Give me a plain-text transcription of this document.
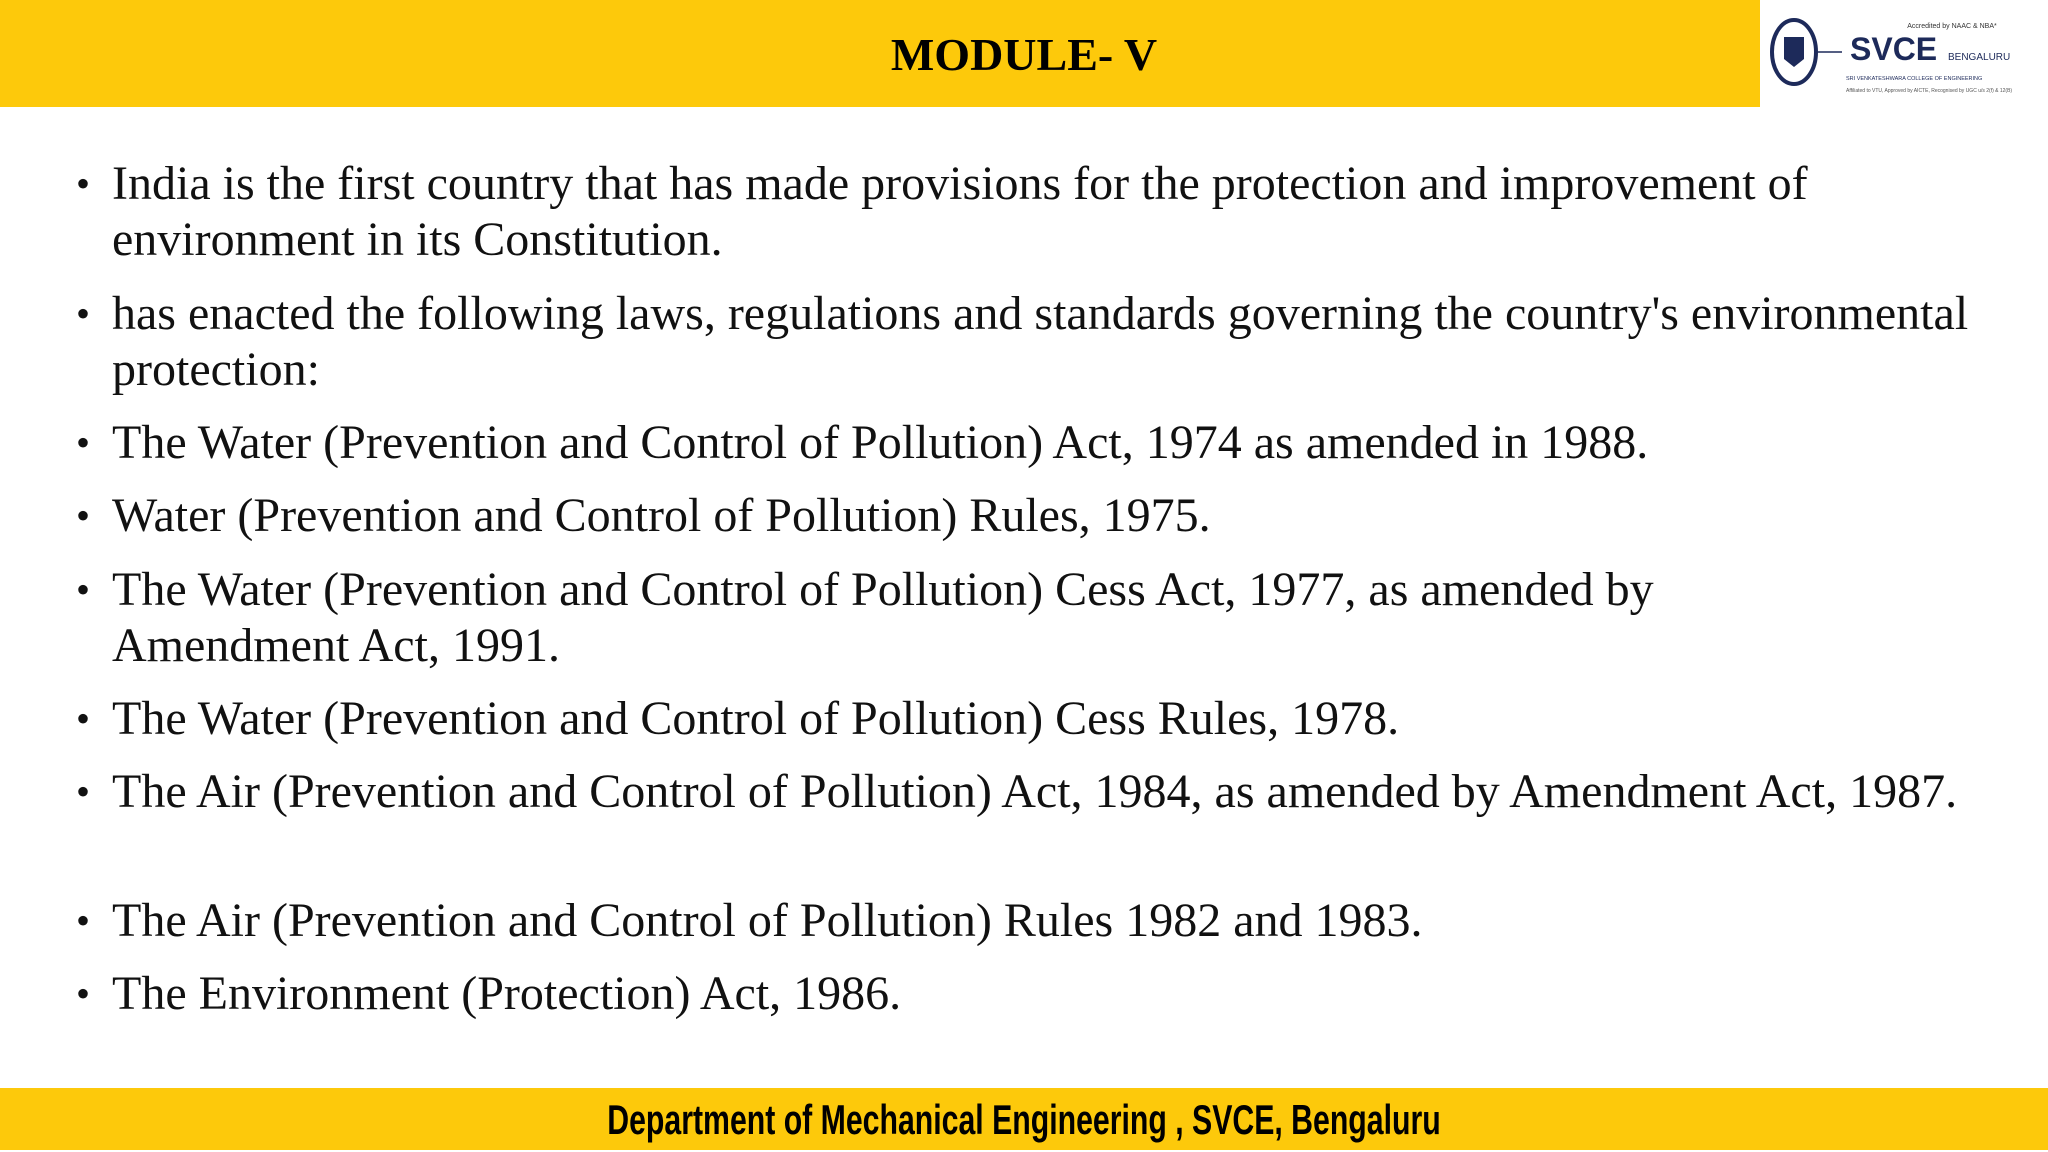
MODULE- V
Accredited by NAAC & NBA*
SVCE BENGALURU
SRI VENKATESHWARA COLLEGE OF ENGINEERING
Affiliated to VTU, Approved by AICTE, Recognised by UGC u/s 2(f) & 12(B)
• India is the first country that has made provisions for the protection and improvement of environment in its Constitution.
• has enacted the following laws, regulations and standards governing the country's environmental protection:
• The Water (Prevention and Control of Pollution) Act, 1974 as amended in 1988.
• Water (Prevention and Control of Pollution) Rules, 1975.
• The Water (Prevention and Control of Pollution) Cess Act, 1977, as amended by Amendment Act, 1991.
• The Water (Prevention and Control of Pollution) Cess Rules, 1978.
• The Air (Prevention and Control of Pollution) Act, 1984, as amended by Amendment Act, 1987.
• The Air (Prevention and Control of Pollution) Rules 1982 and 1983.
• The Environment (Protection) Act, 1986.
Department of Mechanical Engineering , SVCE, Bengaluru
